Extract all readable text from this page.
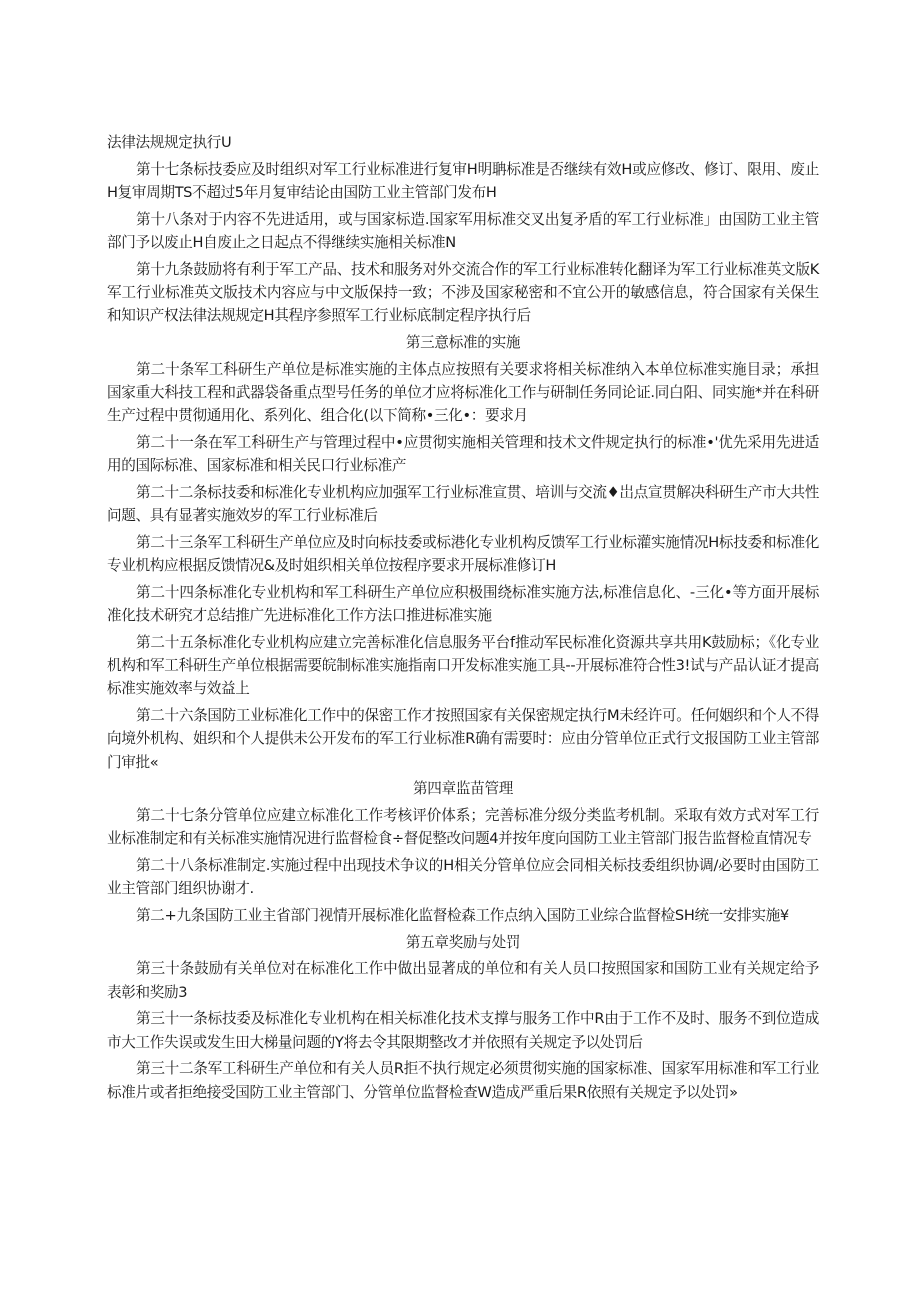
法律法规规定执行U

第十七条标技委应及时组织对军工行业标准进行复审H明聃标准是否继续有效H或应修改、修订、限用、废止H复审周期TS不超过5年月复审结论由国防工业主管部门发布H

第十八条对于内容不先进适用，或与国家标造.国家军用标准交叉出复矛盾的军工行业标准」由国防工业主管部门予以废止H自废止之日起点不得继续实施相关标准N

第十九条鼓励将有利于军工产品、技术和服务对外交流合作的军工行业标准转化翻译为军工行业标准英文版K军工行业标准英文版技术内容应与中文版保持一致；不涉及国家秘密和不宜公开的敏感信息，符合国家有关保生和知识产权法律法规规定H其程序参照军工行业标底制定程序执行后

第三意标准的实施

第二十条军工科研生产单位是标准实施的主体点应按照有关要求将相关标准纳入本单位标准实施目录；承担国家重大科技工程和武器袋备重点型号任务的单位才应将标准化工作与研制任务同论证.同白阳、同实施*并在科研生产过程中贯彻通用化、系列化、组合化(以下简称•三化•：要求月

第二十一条在军工科研生产与管理过程中•应贯彻实施相关管理和技术文件规定执行的标准•'优先采用先进适用的国际标准、国家标准和相关民口行业标准产

第二十二条标技委和标准化专业机构应加强军工行业标准宣贯、培训与交流♦岀点宣贯解决科研生产市大共性问题、具有显著实施效岁的军工行业标准后

第二十三条军工科研生产单位应及时向标技委或标港化专业机构反馈军工行业标灌实施情况H标技委和标准化专业机构应根据反馈情况&及时姐织相关单位按程序要求开展标准修订H

第二十四条标准化专业机构和军工科研生产单位应积极围绕标准实施方法,标准信息化、-三化•等方面开展标准化技术研究才总结推广先进标准化工作方法口推进标准实施

第二十五条标准化专业机构应建立完善标准化信息服务平台f推动军民标准化资源共享共用K鼓励标；《化专业机构和军工科研生产单位根据需要皖制标准实施指南口开发标准实施工具--开展标准符合性3!试与产品认证才提高标准实施效率与效益上

第二十六条国防工业标准化工作中的保密工作才按照国家有关保密规定执行M未经许可。任何姻织和个人不得向境外机构、姐织和个人提供未公开发布的军工行业标准R确有需要时：应由分管单位正式行文报国防工业主管部门审批«

第四章监苗管理

第二十七条分管单位应建立标准化工作考核评价体系；完善标准分级分类监考机制。采取有效方式对军工行业标准制定和有关标准实施情况进行监督检食÷督促整改问题4并按年度向国防工业主管部门报告监督检直情况专

第二十八条标准制定.实施过程中出现技术争议的H相关分管单位应会同相关标技委组织协调/必要时由国防工业主管部门组织协谢才.

第二+九条国防工业主省部门视情开展标准化监督检森工作点纳入国防工业综合监督检SH统一安排实施¥

第五章奖励与处罚

第三十条鼓励有关单位对在标准化工作中做出显著成的单位和有关人员口按照国家和国防工业有关规定给予表彰和奖励3

第三十一条标技委及标准化专业机构在相关标准化技术支撑与服务工作中R由于工作不及时、服务不到位造成市大工作失误或发生田大梯量问题的Y将去令其限期整改才并依照有关规定予以处罚后

第三十二条军工科研生产单位和有关人员R拒不执行规定必须贯彻实施的国家标准、国家军用标准和军工行业标准片或者拒绝接受国防工业主管部门、分管单位监督检查W造成严重后果R依照有关规定予以处罚»
